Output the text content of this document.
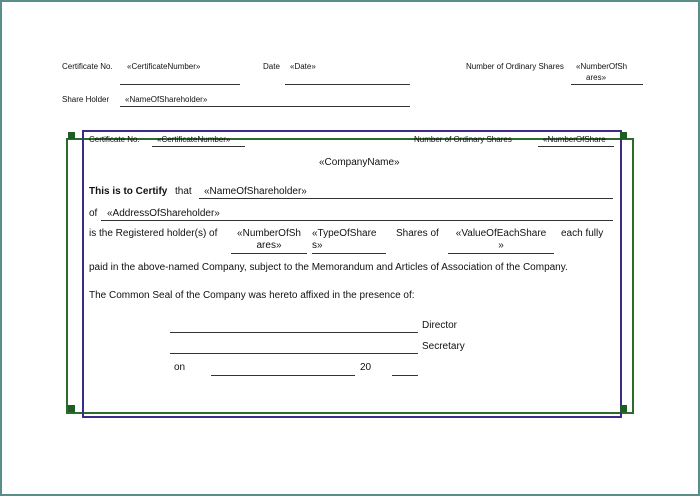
Certificate No. «CertificateNumber»	Date «Date»	Number of Ordinary Shares «NumberOfSh
ares»
Share Holder «NameOfShareholder»
Certificate No. «CertificateNumber»	Number of Ordinary Shares	«NumberOfShare
«CompanyName»
This is to Certify that «NameOfShareholder»
of «AddressOfShareholder»
is the Registered holder(s) of	«NumberOfSh
ares»
«TypeOfShare
s»
Shares of	«ValueOfEachShare
»
each fully
paid in the above-named Company, subject to the Memorandum and Articles of Association of the Company.
The Common Seal of the Company was hereto affixed in the presence of:
Director
Secretary
on	20
